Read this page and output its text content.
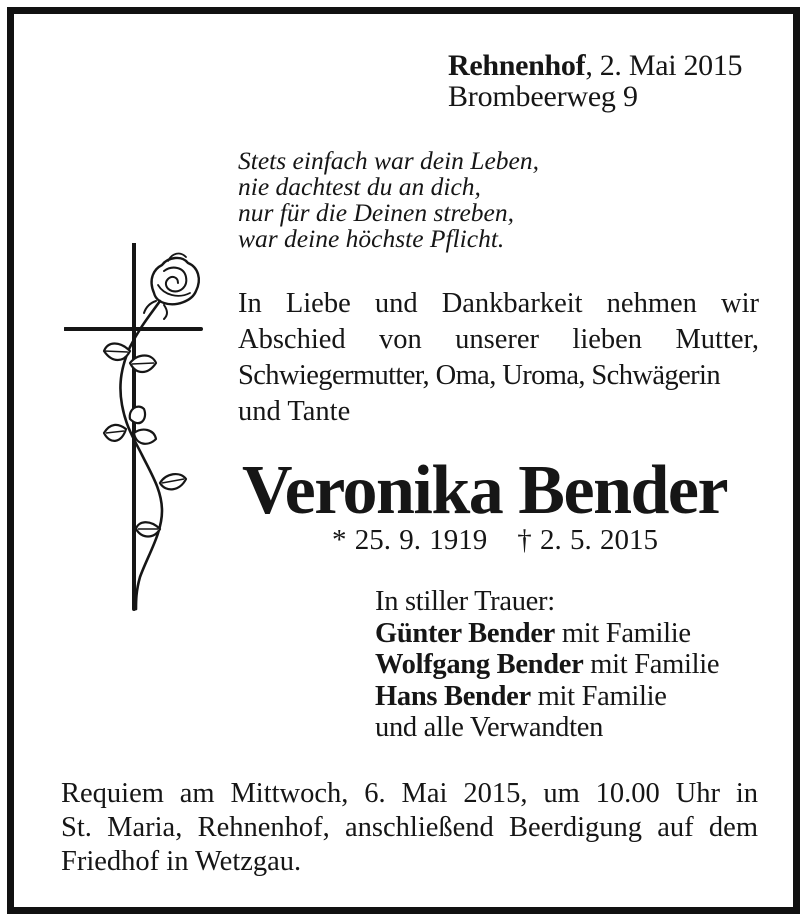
Rehnenhof, 2. Mai 2015
Brombeerweg 9
Stets einfach war dein Leben,
nie dachtest du an dich,
nur für die Deinen streben,
war deine höchste Pflicht.
In Liebe und Dankbarkeit nehmen wir
Abschied von unserer lieben Mutter,
Schwiegermutter, Oma, Uroma, Schwägerin
und Tante
Veronika Bender
* 25. 9. 1919 † 2. 5. 2015
In stiller Trauer:
Günter Bender mit Familie
Wolfgang Bender mit Familie
Hans Bender mit Familie
und alle Verwandten
Requiem am Mittwoch, 6. Mai 2015, um 10.00 Uhr in
St. Maria, Rehnenhof, anschließend Beerdigung auf dem
Friedhof in Wetzgau.
